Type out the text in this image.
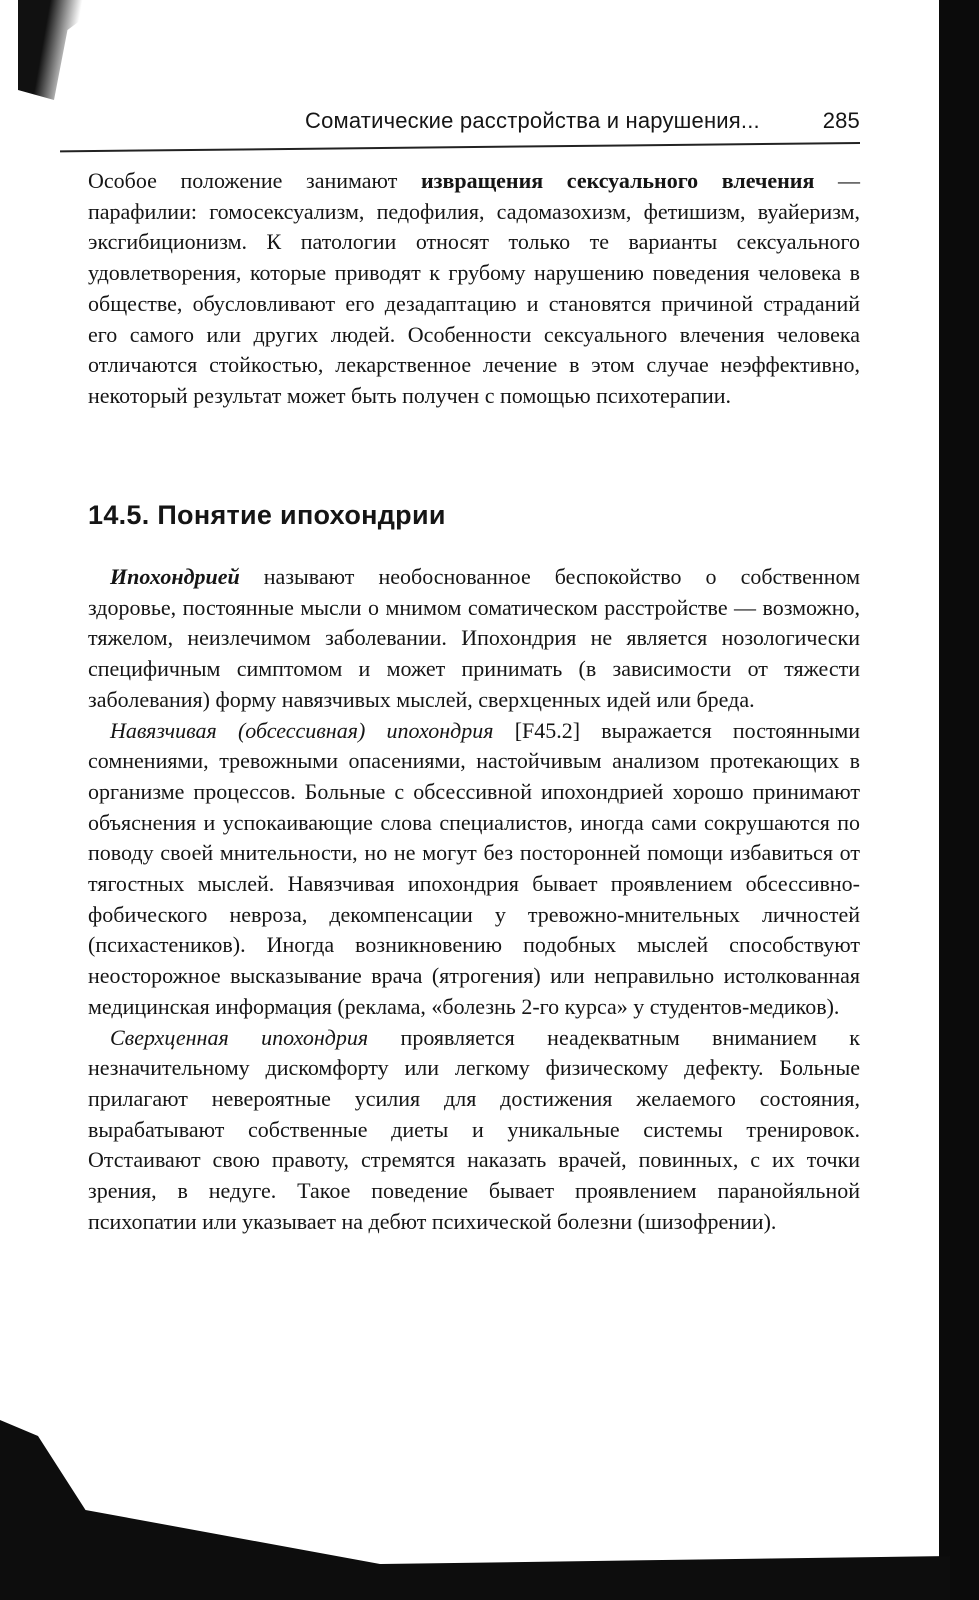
Соматические расстройства и нарушения...	285

Особое положение занимают извращения сексуального влечения — парафилии: гомосексуализм, педофилия, садомазохизм, фетишизм, вуайеризм, эксгибиционизм. К патологии относят только те варианты сексуального удовлетворения, которые приводят к грубому нарушению поведения человека в обществе, обусловливают его дезадаптацию и становятся причиной страданий его самого или других людей. Особенности сексуального влечения человека отличаются стойкостью, лекарственное лечение в этом случае неэффективно, некоторый результат может быть получен с помощью психотерапии.

14.5. Понятие ипохондрии

Ипохондрией называют необоснованное беспокойство о собственном здоровье, постоянные мысли о мнимом соматическом расстройстве — возможно, тяжелом, неизлечимом заболевании. Ипохондрия не является нозологически специфичным симптомом и может принимать (в зависимости от тяжести заболевания) форму навязчивых мыслей, сверхценных идей или бреда.

Навязчивая (обсессивная) ипохондрия [F45.2] выражается постоянными сомнениями, тревожными опасениями, настойчивым анализом протекающих в организме процессов. Больные с обсессивной ипохондрией хорошо принимают объяснения и успокаивающие слова специалистов, иногда сами сокрушаются по поводу своей мнительности, но не могут без посторонней помощи избавиться от тягостных мыслей. Навязчивая ипохондрия бывает проявлением обсессивно-фобического невроза, декомпенсации у тревожно-мнительных личностей (психастеников). Иногда возникновению подобных мыслей способствуют неосторожное высказывание врача (ятрогения) или неправильно истолкованная медицинская информация (реклама, «болезнь 2-го курса» у студентов-медиков).

Сверхценная ипохондрия проявляется неадекватным вниманием к незначительному дискомфорту или легкому физическому дефекту. Больные прилагают невероятные усилия для достижения желаемого состояния, вырабатывают собственные диеты и уникальные системы тренировок. Отстаивают свою правоту, стремятся наказать врачей, повинных, с их точки зрения, в недуге. Такое поведение бывает проявлением паранойяльной психопатии или указывает на дебют психической болезни (шизофрении).
